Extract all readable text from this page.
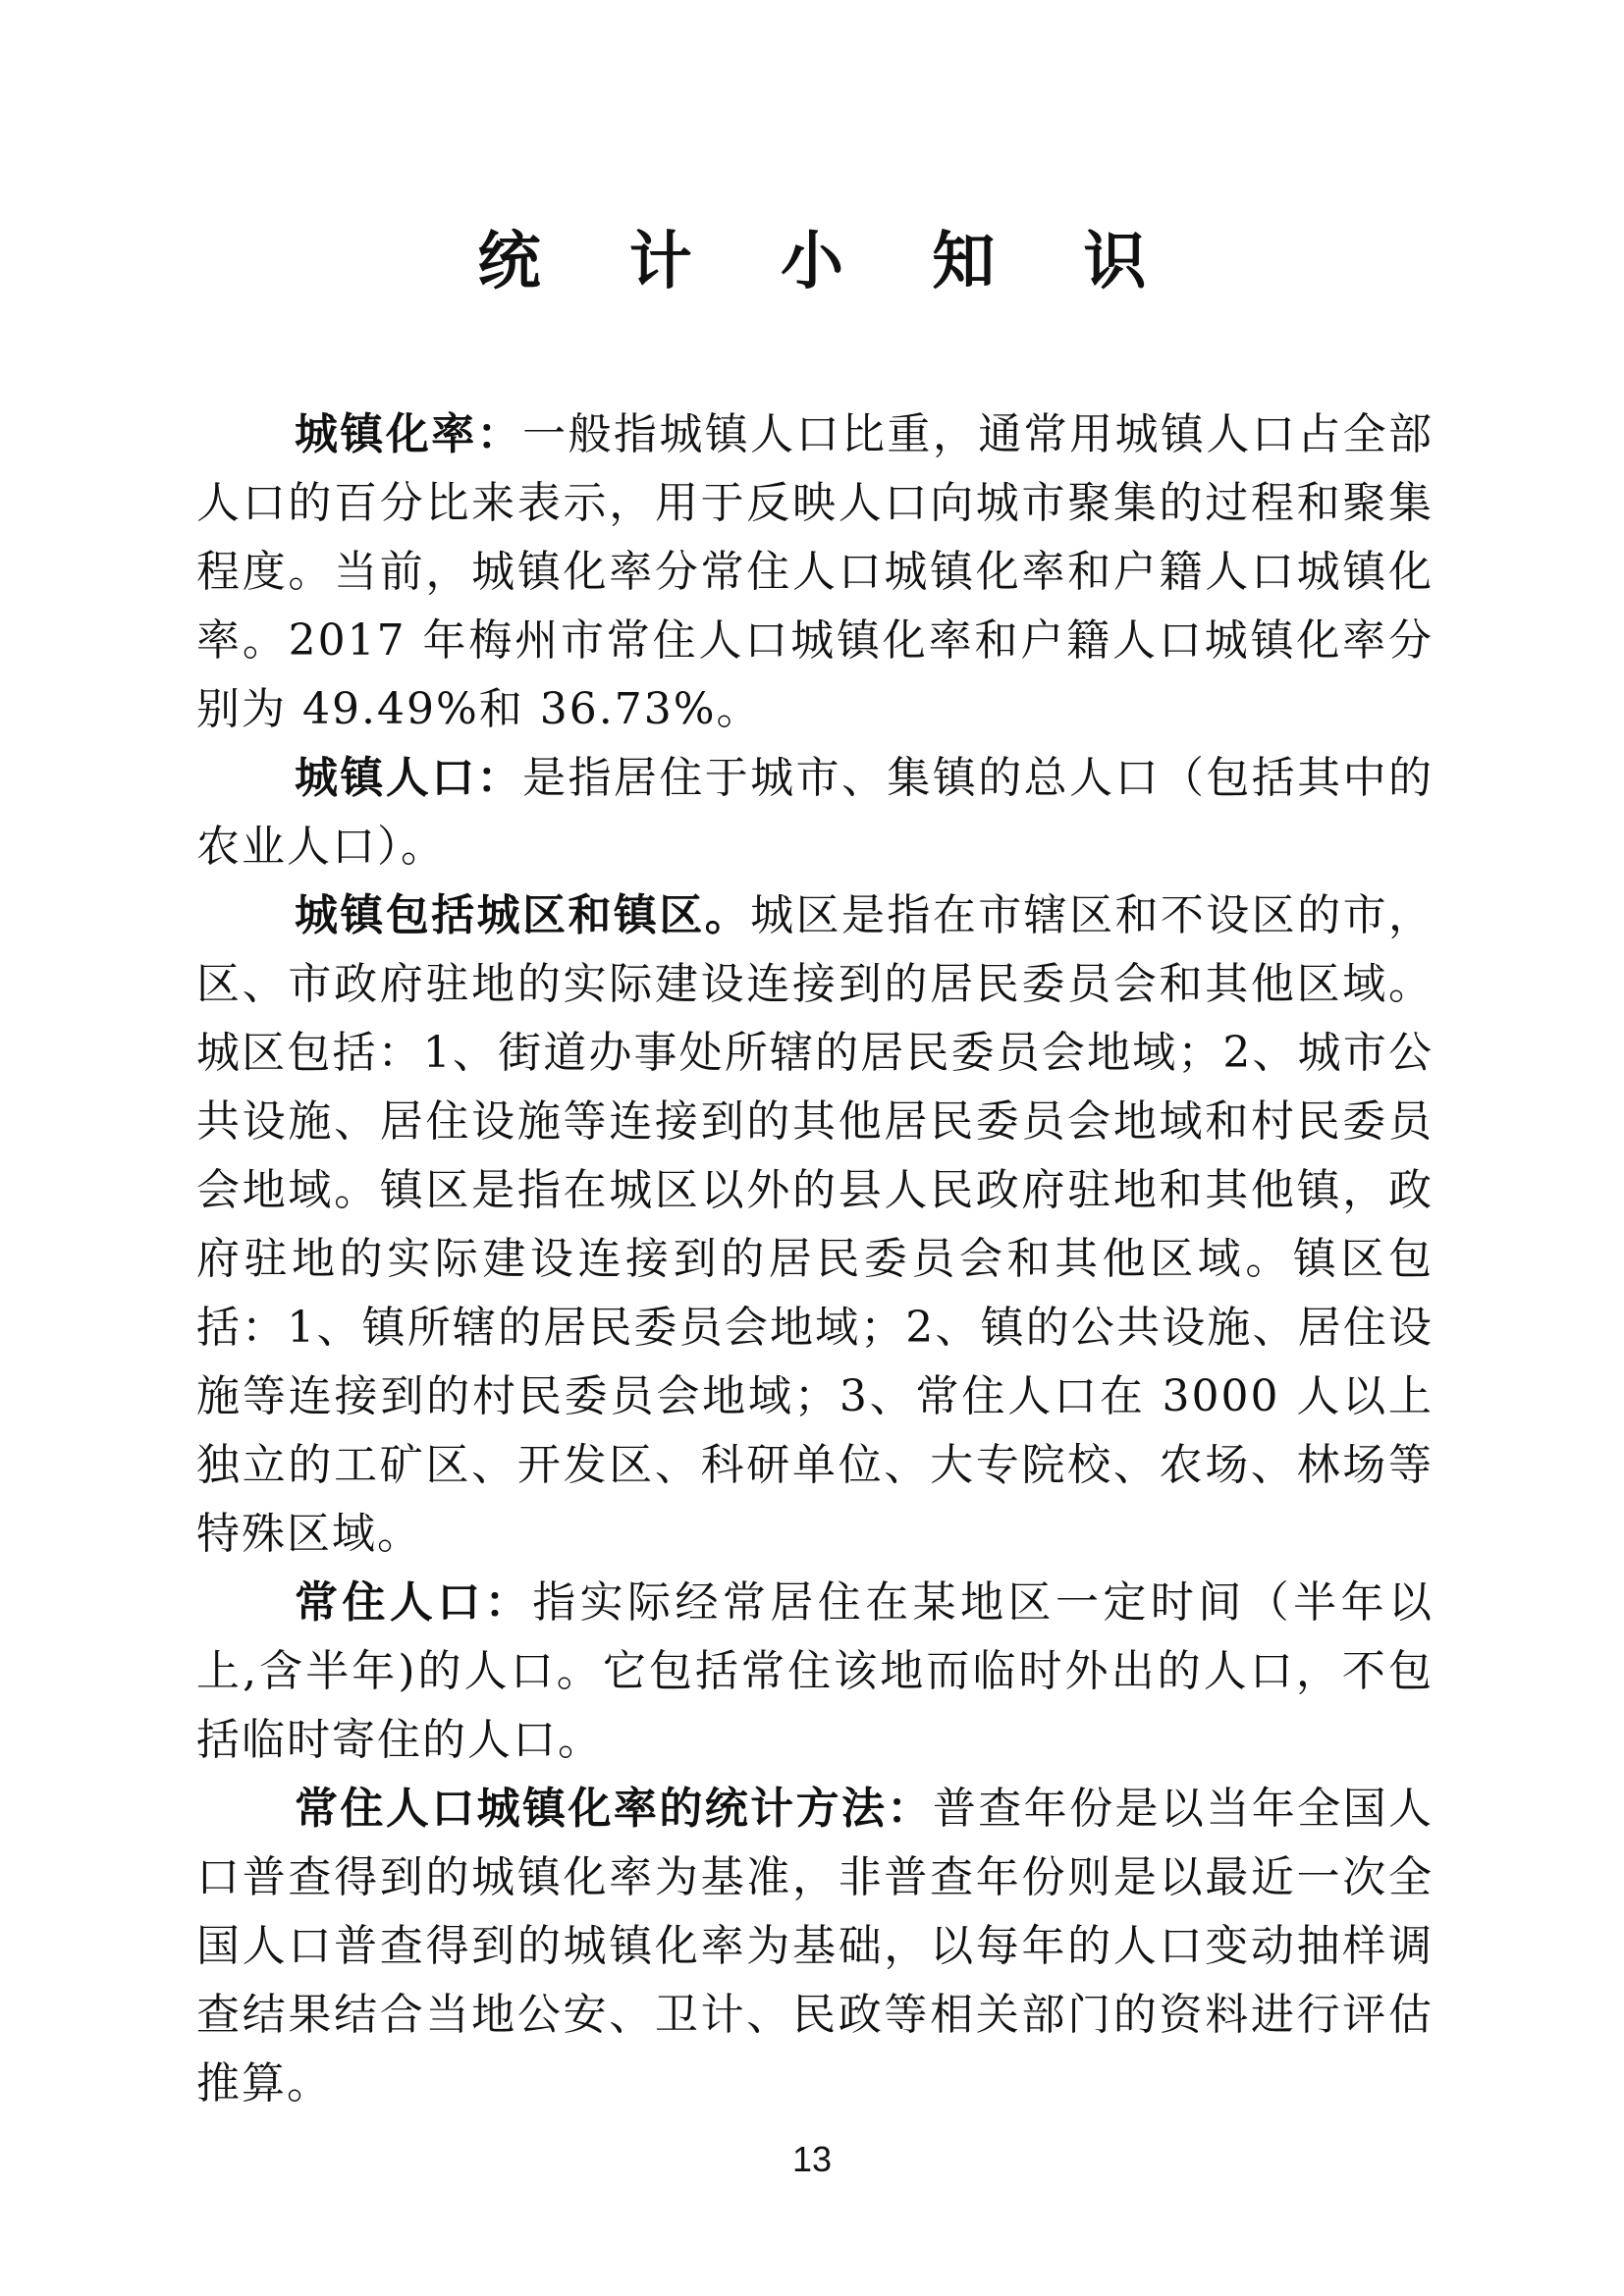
统 计 小 知 识

城镇化率：一般指城镇人口比重，通常用城镇人口占全部人口的百分比来表示，用于反映人口向城市聚集的过程和聚集程度。当前，城镇化率分常住人口城镇化率和户籍人口城镇化率。2017 年梅州市常住人口城镇化率和户籍人口城镇化率分别为 49.49%和 36.73%。

城镇人口：是指居住于城市、集镇的总人口（包括其中的农业人口）。

城镇包括城区和镇区。城区是指在市辖区和不设区的市，区、市政府驻地的实际建设连接到的居民委员会和其他区域。城区包括：1、街道办事处所辖的居民委员会地域；2、城市公共设施、居住设施等连接到的其他居民委员会地域和村民委员会地域。镇区是指在城区以外的县人民政府驻地和其他镇，政府驻地的实际建设连接到的居民委员会和其他区域。镇区包括：1、镇所辖的居民委员会地域；2、镇的公共设施、居住设施等连接到的村民委员会地域；3、常住人口在 3000 人以上独立的工矿区、开发区、科研单位、大专院校、农场、林场等特殊区域。

常住人口：指实际经常居住在某地区一定时间（半年以上,含半年)的人口。它包括常住该地而临时外出的人口，不包括临时寄住的人口。

常住人口城镇化率的统计方法：普查年份是以当年全国人口普查得到的城镇化率为基准，非普查年份则是以最近一次全国人口普查得到的城镇化率为基础，以每年的人口变动抽样调查结果结合当地公安、卫计、民政等相关部门的资料进行评估推算。

13
